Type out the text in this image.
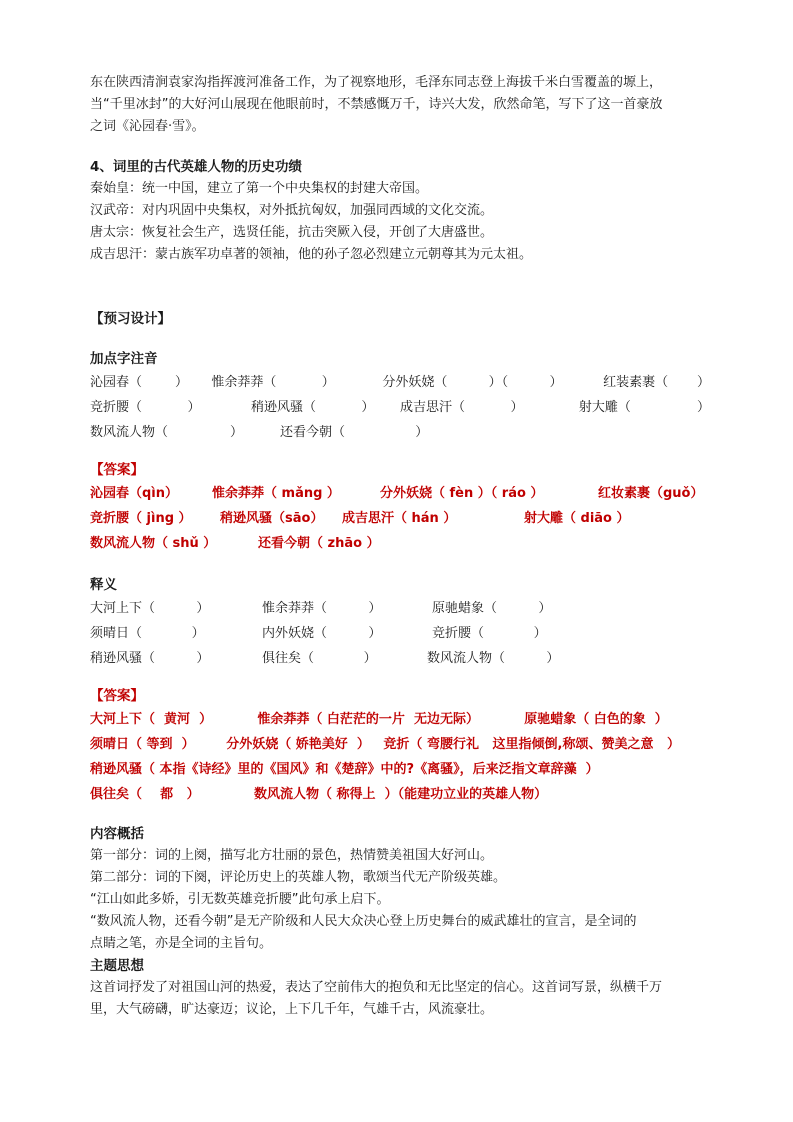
东在陕西清涧袁家沟指挥渡河准备工作，为了视察地形，毛泽东同志登上海拔千米白雪覆盖的塬上，
当“千里冰封”的大好河山展现在他眼前时，不禁感慨万千，诗兴大发，欣然命笔，写下了这一首豪放
之词《沁园春·雪》。
4、词里的古代英雄人物的历史功绩
秦始皇：统一中国，建立了第一个中央集权的封建大帝国。
汉武帝：对内巩固中央集权，对外抵抗匈奴，加强同西域的文化交流。
唐太宗：恢复社会生产，选贤任能，抗击突厥入侵，开创了大唐盛世。
成吉思汗：蒙古族军功卓著的领袖，他的孙子忽必烈建立元朝尊其为元太祖。
【预习设计】
加点字注音
沁园春（        ）	惟余莽莽（           ）	分外妖娆（          ）（          ）	红装素裹（       ）
竞折腰（           ）	稍逊风骚（           ）	成吉思汗（           ）	射大雕（                ）
数风流人物（               ）	还看今朝（                 ）
【答案】
沁园春（qìn）	惟余莽莽（ mǎng ）	分外妖娆（ fèn ）（ ráo ）	红妆素裹（guǒ）
竞折腰（ jìng ）	稍逊风骚（sāo）	成吉思汗（ hán ）	射大雕（ diāo ）
数风流人物（ shǔ ）	还看今朝（ zhāo ）
释义
大河上下（          ）	惟余莽莽（          ）	原驰蜡象（          ）
须晴日（            ）	内外妖娆（          ）	竞折腰（            ）
稍逊风骚（          ）	俱往矣（            ）	数风流人物（          ）
【答案】
大河上下（  黄河  ）          惟余莽莽（ 白茫茫的一片  无边无际）          原驰蜡象（ 白色的象  ）
须晴日（ 等到  ）       分外妖娆（ 娇艳美好  ）   竞折（ 弯腰行礼   这里指倾倒,称颂、赞美之意   ）
稍逊风骚（ 本指《诗经》里的《国风》和《楚辞》中的?《离骚》，后来泛指文章辞藻  ）
俱往矣（    都   ）            数风流人物（ 称得上  ）（能建功立业的英雄人物）
内容概括
第一部分：词的上阕，描写北方壮丽的景色，热情赞美祖国大好河山。
第二部分：词的下阕，评论历史上的英雄人物，歌颂当代无产阶级英雄。
“江山如此多娇，引无数英雄竞折腰”此句承上启下。
“数风流人物，还看今朝”是无产阶级和人民大众决心登上历史舞台的威武雄壮的宣言，是全词的
点睛之笔，亦是全词的主旨句。
主题思想
这首词抒发了对祖国山河的热爱，表达了空前伟大的抱负和无比坚定的信心。这首词写景，纵横千万
里，大气磅礴，旷达豪迈；议论，上下几千年，气雄千古，风流豪壮。
